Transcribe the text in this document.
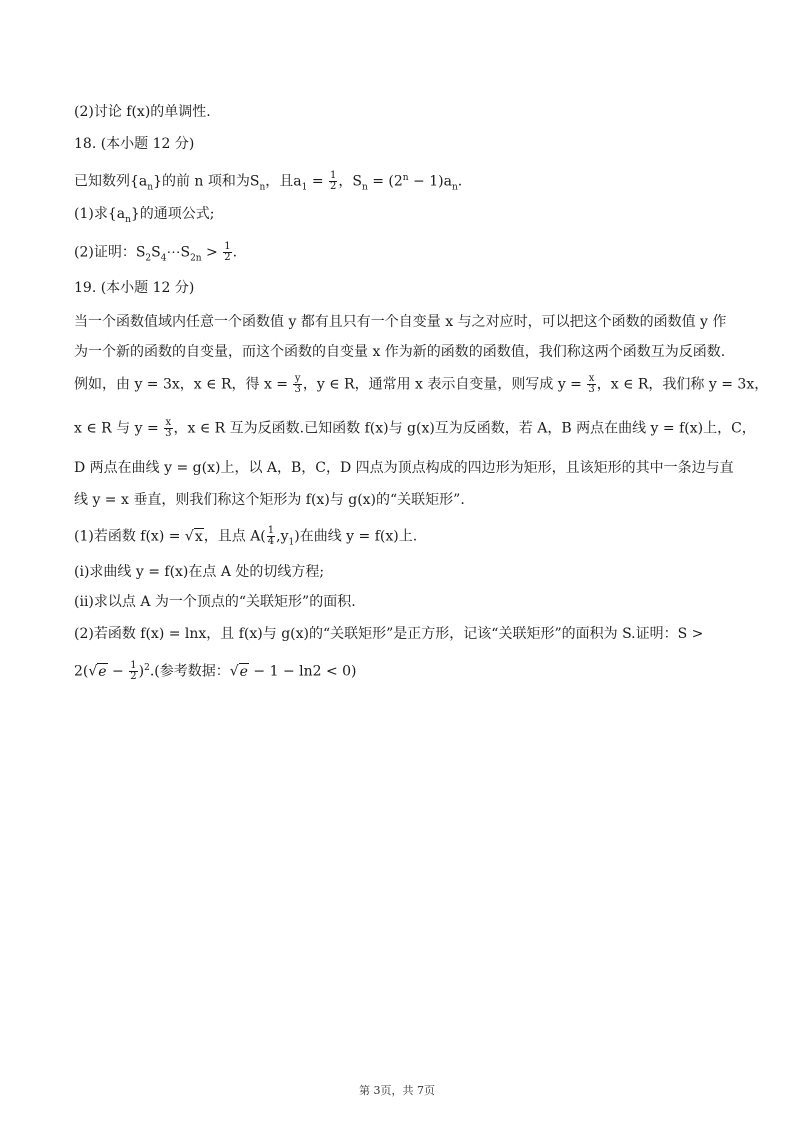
(2)讨论 f(x)的单调性.
18. (本小题 12 分)
已知数列$\{a_n\}$的前 n 项和为$S_n$，且$a_1 = \frac{1}{2}$ ，$S_n = (2^n - 1)a_n$.
(1)求$\{a_n\}$的通项公式;
(2)证明：$S_2S_4\cdots S_{2n} > \frac{1}{2}$ .
19. (本小题 12 分)
当一个函数值域内任意一个函数值 y 都有且只有一个自变量 x 与之对应时，可以把这个函数的函数值 y 作
为一个新的函数的自变量，而这个函数的自变量 x 作为新的函数的函数值，我们称这两个函数互为反函数.
例如，由 y = 3x，x ∈ R，得 $x = \frac{y}{3}$ ，y ∈ R，通常用 x 表示自变量，则写成 $y = \frac{x}{3}$ ，x ∈ R，我们称 y = 3x，
x ∈ R 与 $y = \frac{x}{3}$ ，x ∈ R 互为反函数.已知函数 f(x)与 g(x)互为反函数，若 A，B 两点在曲线 y = f(x)上，C，
D 两点在曲线 y = g(x)上，以 A，B，C，D 四点为顶点构成的四边形为矩形，且该矩形的其中一条边与直
线 y = x 垂直，则我们称这个矩形为 f(x)与 g(x)的“关联矩形”.
(1)若函数 f(x) = √x，且点 $A( \frac{1}{4} ,y_1)$在曲线 y = f(x)上.
(ⅰ)求曲线 y = f(x)在点 A 处的切线方程;
(ⅱ)求以点 A 为一个顶点的“关联矩形”的面积.
(2)若函数 f(x) = lnx，且 f(x)与 g(x)的“关联矩形”是正方形，记该“关联矩形”的面积为 S.证明：S >
$2(√e - \frac{1}{2} )^2$.(参考数据：√e − 1 − ln2 < 0)
第 3页，共 7页
